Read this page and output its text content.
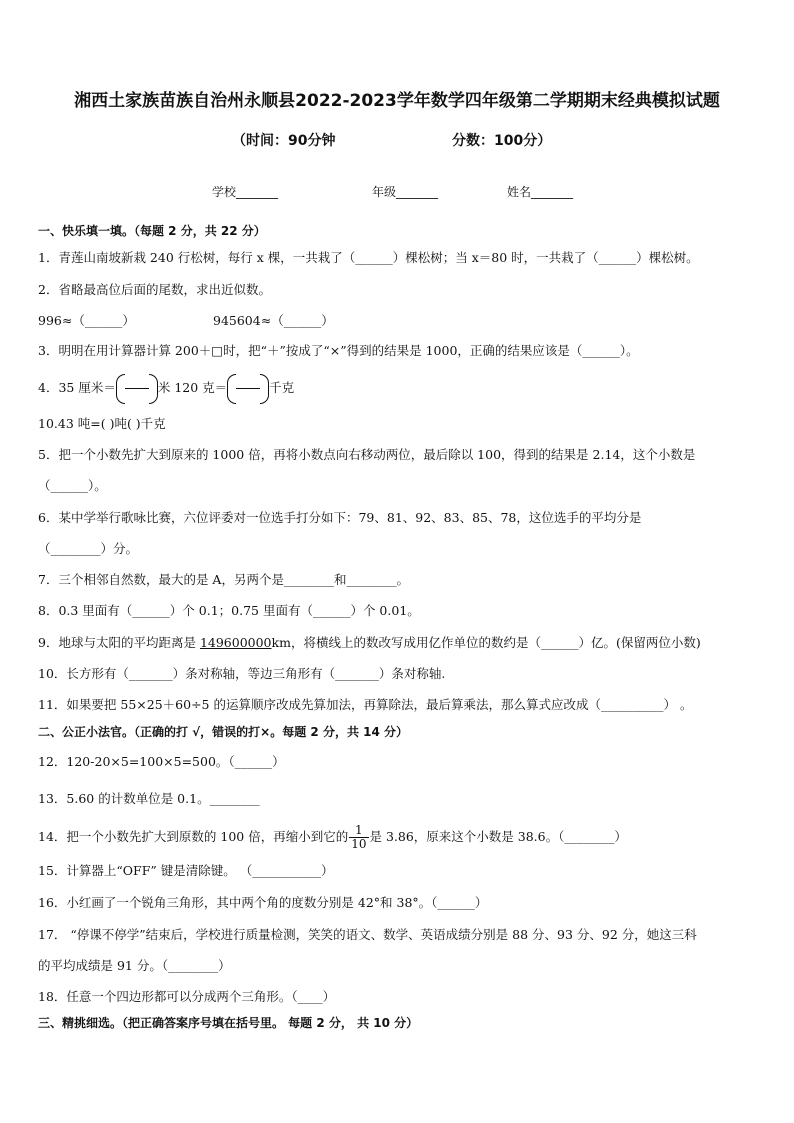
湘西土家族苗族自治州永顺县2022-2023学年数学四年级第二学期期末经典模拟试题
（时间：90分钟	分数：100分）
学校_______	年级_______	姓名_______
一、快乐填一填。（每题 2 分，共 22 分）
1．青莲山南坡新栽 240 行松树，每行 x 棵，一共栽了（______）棵松树；当 x＝80 时，一共栽了（______）棵松树。
2．省略最高位后面的尾数，求出近似数。
996≈（______）	945604≈（______）
3．明明在用计算器计算 200＋□时，把“＋”按成了“×”得到的结果是 1000，正确的结果应该是（______）。
4．35 厘米＝	米 120 克＝	千克
10.43 吨=( )吨( )千克
5．把一个小数先扩大到原来的 1000 倍，再将小数点向右移动两位，最后除以 100，得到的结果是 2.14，这个小数是
（______）。
6．某中学举行歌咏比赛，六位评委对一位选手打分如下：79、81、92、83、85、78，这位选手的平均分是
（________）分。
7．三个相邻自然数，最大的是 A，另两个是________和________。
8．0.3 里面有（______）个 0.1；0.75 里面有（______）个 0.01。
9．地球与太阳的平均距离是 149600000km，将横线上的数改写成用亿作单位的数约是（______）亿。(保留两位小数)
10．长方形有（_______）条对称轴，等边三角形有（_______）条对称轴.
11．如果要把 55×25＋60÷5 的运算顺序改成先算加法，再算除法，最后算乘法，那么算式应改成（__________） 。
二、公正小法官。（正确的打 √，错误的打×。每题 2 分，共 14 分）
12．120-20×5=100×5=500。（______）
13．5.60 的计数单位是 0.1。________
14．把一个小数先扩大到原数的 100 倍，再缩小到它的 $\frac{1}{10}$ 是 3.86，原来这个小数是 38.6。（________）
15．计算器上“OFF” 键是清除键。 （___________）
16．小红画了一个锐角三角形，其中两个角的度数分别是 42°和 38°。（______）
17． “停课不停学”结束后，学校进行质量检测，笑笑的语文、数学、英语成绩分别是 88 分、93 分、92 分，她这三科
的平均成绩是 91 分。（________）
18．任意一个四边形都可以分成两个三角形。（____）
三、精挑细选。（把正确答案序号填在括号里。 每题 2 分， 共 10 分）
